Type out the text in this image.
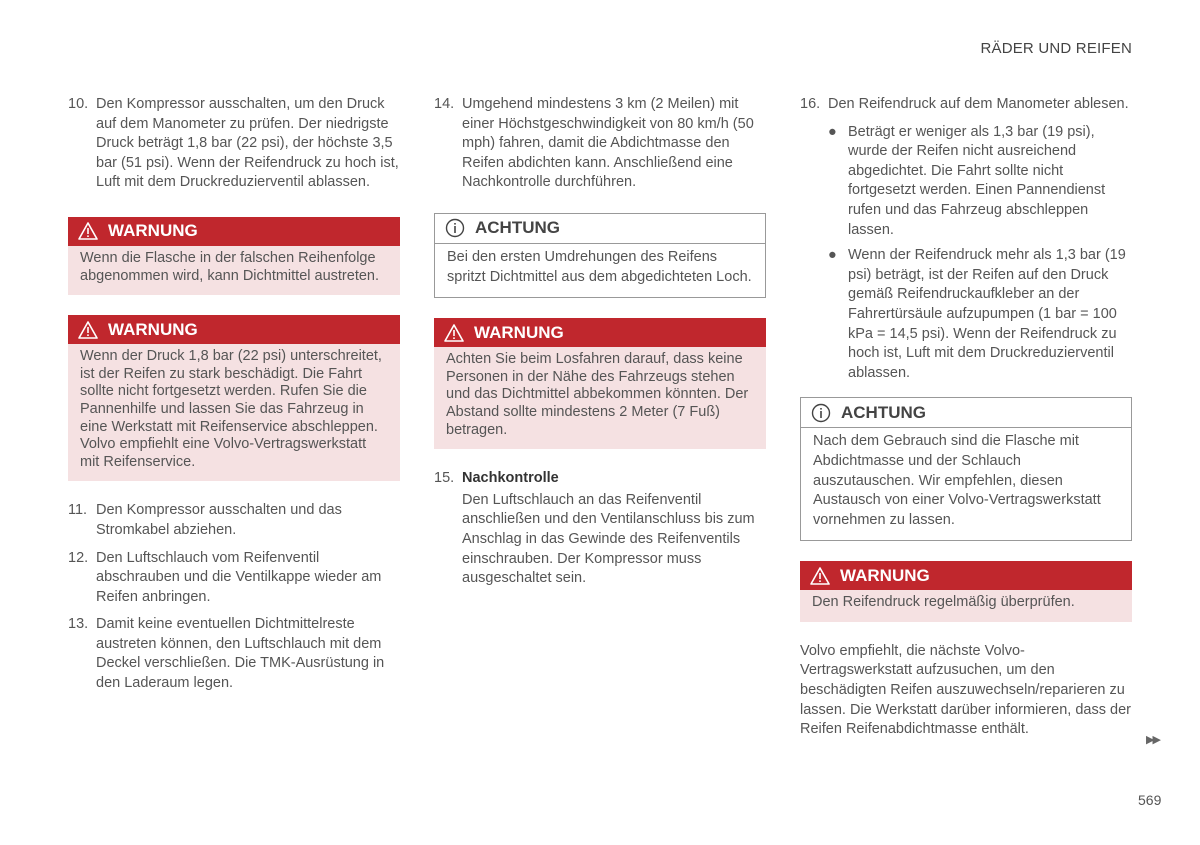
RÄDER UND REIFEN
10. Den Kompressor ausschalten, um den Druck auf dem Manometer zu prüfen. Der niedrigste Druck beträgt 1,8 bar (22 psi), der höchste 3,5 bar (51 psi). Wenn der Reifendruck zu hoch ist, Luft mit dem Druckreduzierventil ablassen.
WARNUNG
Wenn die Flasche in der falschen Reihenfolge abgenommen wird, kann Dichtmittel austreten.
WARNUNG
Wenn der Druck 1,8 bar (22 psi) unterschreitet, ist der Reifen zu stark beschädigt. Die Fahrt sollte nicht fortgesetzt werden. Rufen Sie die Pannenhilfe und lassen Sie das Fahrzeug in eine Werkstatt mit Reifenservice abschleppen. Volvo empfiehlt eine Volvo-Vertragswerkstatt mit Reifenservice.
11. Den Kompressor ausschalten und das Stromkabel abziehen.
12. Den Luftschlauch vom Reifenventil abschrauben und die Ventilkappe wieder am Reifen anbringen.
13. Damit keine eventuellen Dichtmittelreste austreten können, den Luftschlauch mit dem Deckel verschließen. Die TMK-Ausrüstung in den Laderaum legen.
14. Umgehend mindestens 3 km (2 Meilen) mit einer Höchstgeschwindigkeit von 80 km/h (50 mph) fahren, damit die Abdichtmasse den Reifen abdichten kann. Anschließend eine Nachkontrolle durchführen.
ACHTUNG
Bei den ersten Umdrehungen des Reifens spritzt Dichtmittel aus dem abgedichteten Loch.
WARNUNG
Achten Sie beim Losfahren darauf, dass keine Personen in der Nähe des Fahrzeugs stehen und das Dichtmittel abbekommen könnten. Der Abstand sollte mindestens 2 Meter (7 Fuß) betragen.
15. Nachkontrolle
Den Luftschlauch an das Reifenventil anschließen und den Ventilanschluss bis zum Anschlag in das Gewinde des Reifenventils einschrauben. Der Kompressor muss ausgeschaltet sein.
16. Den Reifendruck auf dem Manometer ablesen.
● Beträgt er weniger als 1,3 bar (19 psi), wurde der Reifen nicht ausreichend abgedichtet. Die Fahrt sollte nicht fortgesetzt werden. Einen Pannendienst rufen und das Fahrzeug abschleppen lassen.
● Wenn der Reifendruck mehr als 1,3 bar (19 psi) beträgt, ist der Reifen auf den Druck gemäß Reifendruckaufkleber an der Fahrertürsäule aufzupumpen (1 bar = 100 kPa = 14,5 psi). Wenn der Reifendruck zu hoch ist, Luft mit dem Druckreduzierventil ablassen.
ACHTUNG
Nach dem Gebrauch sind die Flasche mit Abdichtmasse und der Schlauch auszutauschen. Wir empfehlen, diesen Austausch von einer Volvo-Vertragswerkstatt vornehmen zu lassen.
WARNUNG
Den Reifendruck regelmäßig überprüfen.
Volvo empfiehlt, die nächste Volvo-Vertragswerkstatt aufzusuchen, um den beschädigten Reifen auszuwechseln/reparieren zu lassen. Die Werkstatt darüber informieren, dass der Reifen Reifenabdichtmasse enthält.
▶▶
569
